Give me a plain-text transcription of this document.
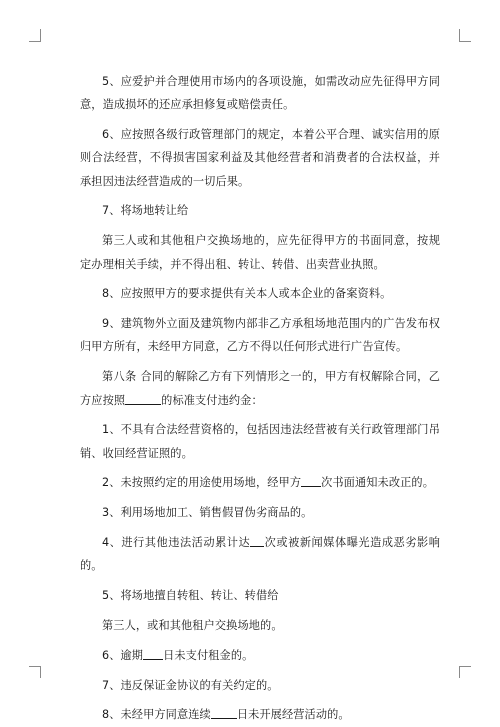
5、应爱护并合理使用市场内的各项设施，如需改动应先征得甲方同意，造成损坏的还应承担修复或赔偿责任。

6、应按照各级行政管理部门的规定，本着公平合理、诚实信用的原则合法经营，不得损害国家利益及其他经营者和消费者的合法权益，并承担因违法经营造成的一切后果。

7、将场地转让给

第三人或和其他租户交换场地的，应先征得甲方的书面同意，按规定办理相关手续，并不得出租、转让、转借、出卖营业执照。

8、应按照甲方的要求提供有关本人或本企业的备案资料。

9、建筑物外立面及建筑物内部非乙方承租场地范围内的广告发布权归甲方所有，未经甲方同意，乙方不得以任何形式进行广告宣传。

第八条 合同的解除乙方有下列情形之一的，甲方有权解除合同，乙方应按照	的标准支付违约金：

1、不具有合法经营资格的，包括因违法经营被有关行政管理部门吊销、收回经营证照的。

2、未按照约定的用途使用场地，经甲方 次书面通知未改正的。

3、利用场地加工、销售假冒伪劣商品的。

4、进行其他违法活动累计达 次或被新闻媒体曝光造成恶劣影响的。

5、将场地擅自转租、转让、转借给

第三人，或和其他租户交换场地的。

6、逾期 日未支付租金的。

7、违反保证金协议的有关约定的。

8、未经甲方同意连续 日未开展经营活动的。
